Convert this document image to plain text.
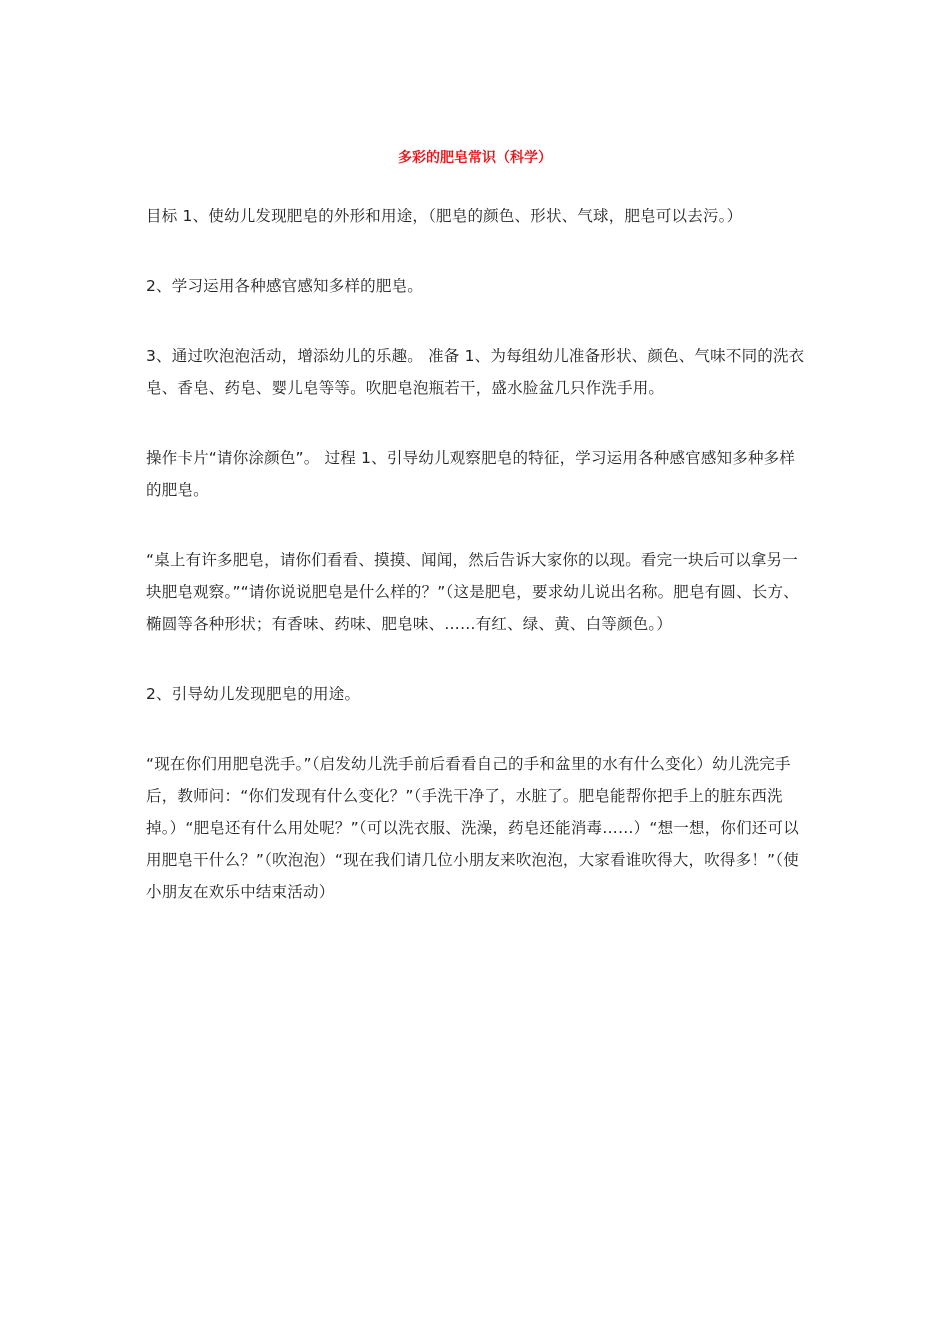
多彩的肥皂常识（科学）

目标 1、使幼儿发现肥皂的外形和用途，（肥皂的颜色、形状、气球，肥皂可以去污。）

2、学习运用各种感官感知多样的肥皂。

3、通过吹泡泡活动，增添幼儿的乐趣。 准备 1、为每组幼儿准备形状、颜色、气味不同的洗衣皂、香皂、药皂、婴儿皂等等。吹肥皂泡瓶若干，盛水脸盆几只作洗手用。

操作卡片“请你涂颜色”。 过程 1、引导幼儿观察肥皂的特征，学习运用各种感官感知多种多样的肥皂。

“桌上有许多肥皂，请你们看看、摸摸、闻闻，然后告诉大家你的以现。看完一块后可以拿另一块肥皂观察。”“请你说说肥皂是什么样的？”（这是肥皂，要求幼儿说出名称。肥皂有圆、长方、椭圆等各种形状；有香味、药味、肥皂味、……有红、绿、黄、白等颜色。）

2、引导幼儿发现肥皂的用途。

“现在你们用肥皂洗手。”（启发幼儿洗手前后看看自己的手和盆里的水有什么变化）幼儿洗完手后，教师问：“你们发现有什么变化？”（手洗干净了，水脏了。肥皂能帮你把手上的脏东西洗掉。）“肥皂还有什么用处呢？”（可以洗衣服、洗澡，药皂还能消毒……）“想一想，你们还可以用肥皂干什么？”（吹泡泡）“现在我们请几位小朋友来吹泡泡，大家看谁吹得大，吹得多！”（使小朋友在欢乐中结束活动）
